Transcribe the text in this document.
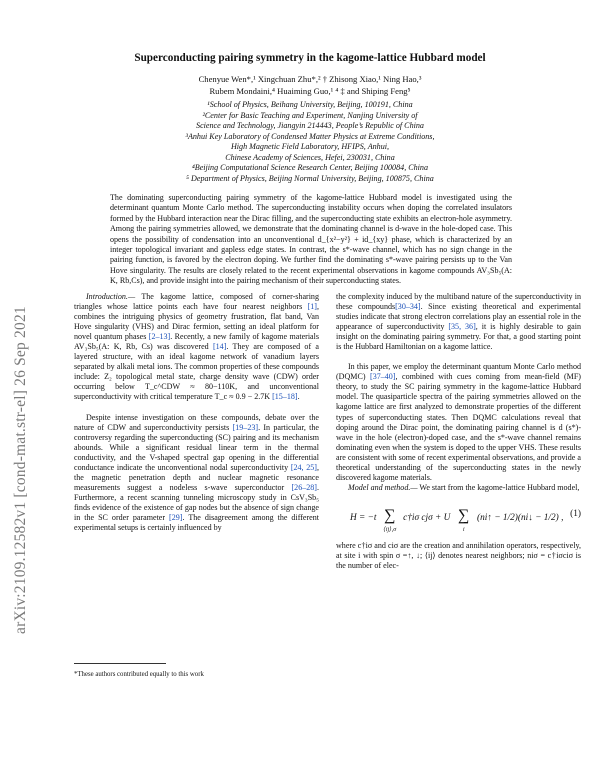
arXiv:2109.12582v1 [cond-mat.str-el] 26 Sep 2021
Superconducting pairing symmetry in the kagome-lattice Hubbard model
Chenyue Wen*,¹ Xingchuan Zhu*,² † Zhisong Xiao,¹ Ning Hao,³
Rubem Mondaini,⁴ Huaiming Guo,¹ ⁴ ‡ and Shiping Feng⁵
¹School of Physics, Beihang University, Beijing, 100191, China
²Center for Basic Teaching and Experiment, Nanjing University of
Science and Technology, Jiangyin 214443, People’s Republic of China
³Anhui Key Laboratory of Condensed Matter Physics at Extreme Conditions,
High Magnetic Field Laboratory, HFIPS, Anhui,
Chinese Academy of Sciences, Hefei, 230031, China
⁴Beijing Computational Science Research Center, Beijing 100084, China
⁵ Department of Physics, Beijing Normal University, Beijing, 100875, China
The dominating superconducting pairing symmetry of the kagome-lattice Hubbard model is investigated using the determinant quantum Monte Carlo method. The superconducting instability occurs when doping the correlated insulators formed by the Hubbard interaction near the Dirac filling, and the superconducting state exhibits an electron-hole asymmetry. Among the pairing symmetries allowed, we demonstrate that the dominating channel is d-wave in the hole-doped case. This opens the possibility of condensation into an unconventional d_{x²−y²} + id_{xy} phase, which is characterized by an integer topological invariant and gapless edge states. In contrast, the s*-wave channel, which has no sign change in the pairing function, is favored by the electron doping. We further find the dominating s*-wave pairing persists up to the Van Hove singularity. The results are closely related to the recent experimental observations in kagome compounds AV₃Sb₅(A: K, Rb,Cs), and provide insight into the pairing mechanism of their superconducting states.

Introduction.— The kagome lattice, composed of corner-sharing triangles whose lattice points each have four nearest neighbors [1], combines the intriguing physics of geometry frustration, flat band, Van Hove singularity (VHS) and Dirac fermion, setting an ideal platform for novel quantum phases [2–13]. Recently, a new family of kagome materials AV₃Sb₅(A: K, Rb, Cs) was discovered [14]. They are composed of a layered structure, with an ideal kagome network of vanadium layers separated by alkali metal ions. The common properties of these compounds include: Z₂ topological metal state, charge density wave (CDW) order occurring below T_c^CDW ≈ 80−110K, and unconventional superconductivity with critical temperature T_c ≈ 0.9 − 2.7K [15–18].

Despite intense investigation on these compounds, debate over the nature of CDW and superconductivity persists [19–23]. In particular, the controversy regarding the superconducting (SC) pairing and its mechanism abounds. While a significant residual linear term in the thermal conductivity, and the V-shaped spectral gap opening in the differential conductance indicate the unconventional nodal superconductivity [24, 25], the magnetic penetration depth and nuclear magnetic resonance measurements suggest a nodeless s-wave superconductor [26–28]. Furthermore, a recent scanning tunneling microscopy study in CsV₃Sb₅ finds evidence of the existence of gap nodes but the absence of sign change in the SC order parameter [29]. The disagreement among the different experimental setups is certainly influenced by

the complexity induced by the multiband nature of the superconductivity in these compounds[30–34]. Since existing theoretical and experimental studies indicate that strong electron correlations play an essential role in the appearance of superconductivity [35, 36], it is highly desirable to gain insight on the dominating pairing symmetry. For that, a good starting point is the Hubbard Hamiltonian on a kagome lattice.

In this paper, we employ the determinant quantum Monte Carlo method (DQMC) [37–40], combined with cues coming from mean-field (MF) theory, to study the SC pairing symmetry in the kagome-lattice Hubbard model. The quasiparticle spectra of the pairing symmetries allowed on the kagome lattice are first analyzed to demonstrate properties of the different types of superconducting states. Then DQMC calculations reveal that doping around the Dirac point, the dominating pairing channel is d (s*)-wave in the hole (electron)-doped case, and the s*-wave channel remains dominating even when the system is doped to the upper VHS. These results are consistent with some of recent experimental observations, and provide a theoretical understanding of the superconducting states in the newly discovered kagome materials.

Model and method.— We start from the kagome-lattice Hubbard model,

H = −t ∑
⟨ij⟩,σ
c†iσ cjσ + U ∑
i
(ni↑ − 1/2)(ni↓ − 1/2) , (1)

where c†iσ and ciσ are the creation and annihilation operators, respectively, at site i with spin σ =↑, ↓; ⟨ij⟩ denotes nearest neighbors; niσ = c†iσciσ is the number of elec-

*These authors contributed equally to this work
